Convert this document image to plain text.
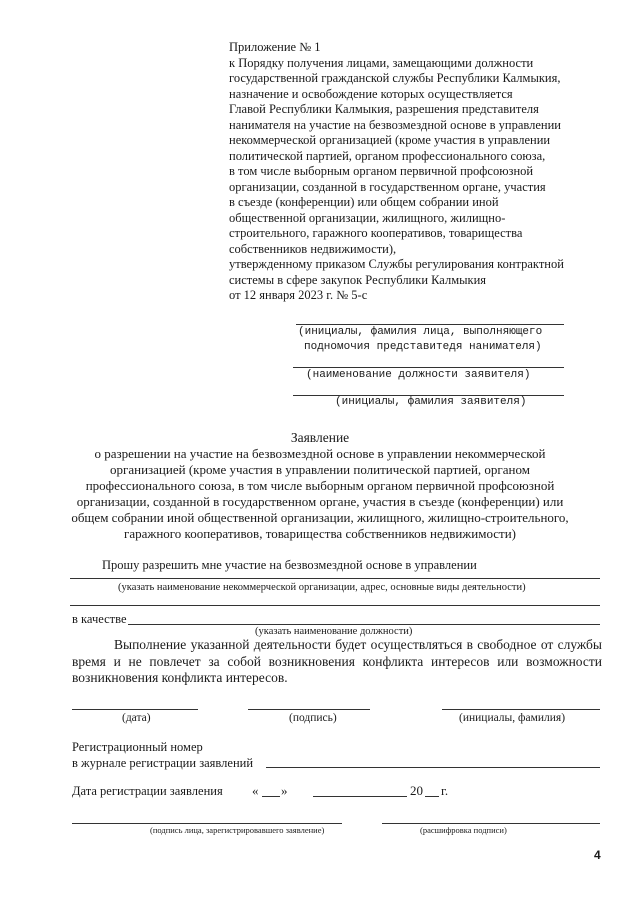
Приложение № 1
к Порядку получения лицами, замещающими должности
государственной гражданской службы Республики Калмыкия,
назначение и освобождение которых осуществляется
Главой Республики Калмыкия, разрешения представителя
нанимателя на участие на безвозмездной основе в управлении
некоммерческой организацией (кроме участия в управлении
политической партией, органом профессионального союза,
в том числе выборным органом первичной профсоюзной
организации, созданной в государственном органе, участия
в съезде (конференции) или общем собрании иной
общественной организации, жилищного, жилищно-
строительного, гаражного кооперативов, товарищества
собственников недвижимости),
утвержденному приказом Службы регулирования контрактной
системы в сфере закупок Республики Калмыкия
от 12 января 2023 г. № 5-с
(инициалы, фамилия лица, выполняющего
подномочия представитедя нанимателя)
(наименование должности заявителя)
(инициалы, фамилия заявителя)
Заявление
о разрешении на участие на безвозмездной основе в управлении некоммерческой
организацией (кроме участия в управлении политической партией, органом
профессионального союза, в том числе выборным органом первичной профсоюзной
организации, созданной в государственном органе, участия в съезде (конференции) или
общем собрании иной общественной организации, жилищного, жилищно-строительного,
гаражного кооперативов, товарищества собственников недвижимости)
Прошу разрешить мне участие на безвозмездной основе в управлении
(указать наименование некоммерческой организации, адрес, основные виды деятельности)
в качестве
(указать наименование должности)
Выполнение указанной деятельности будет осуществляться в свободное от службы время и не повлечет за собой возникновения конфликта интересов или возможности возникновения конфликта интересов.
(дата)	(подпись)	(инициалы, фамилия)
Регистрационный номер
в журнале регистрации заявлений
Дата регистрации заявления « »	20 г.
(подпись лица, зарегистрировавшего заявление)	(расшифровка подписи)
4
